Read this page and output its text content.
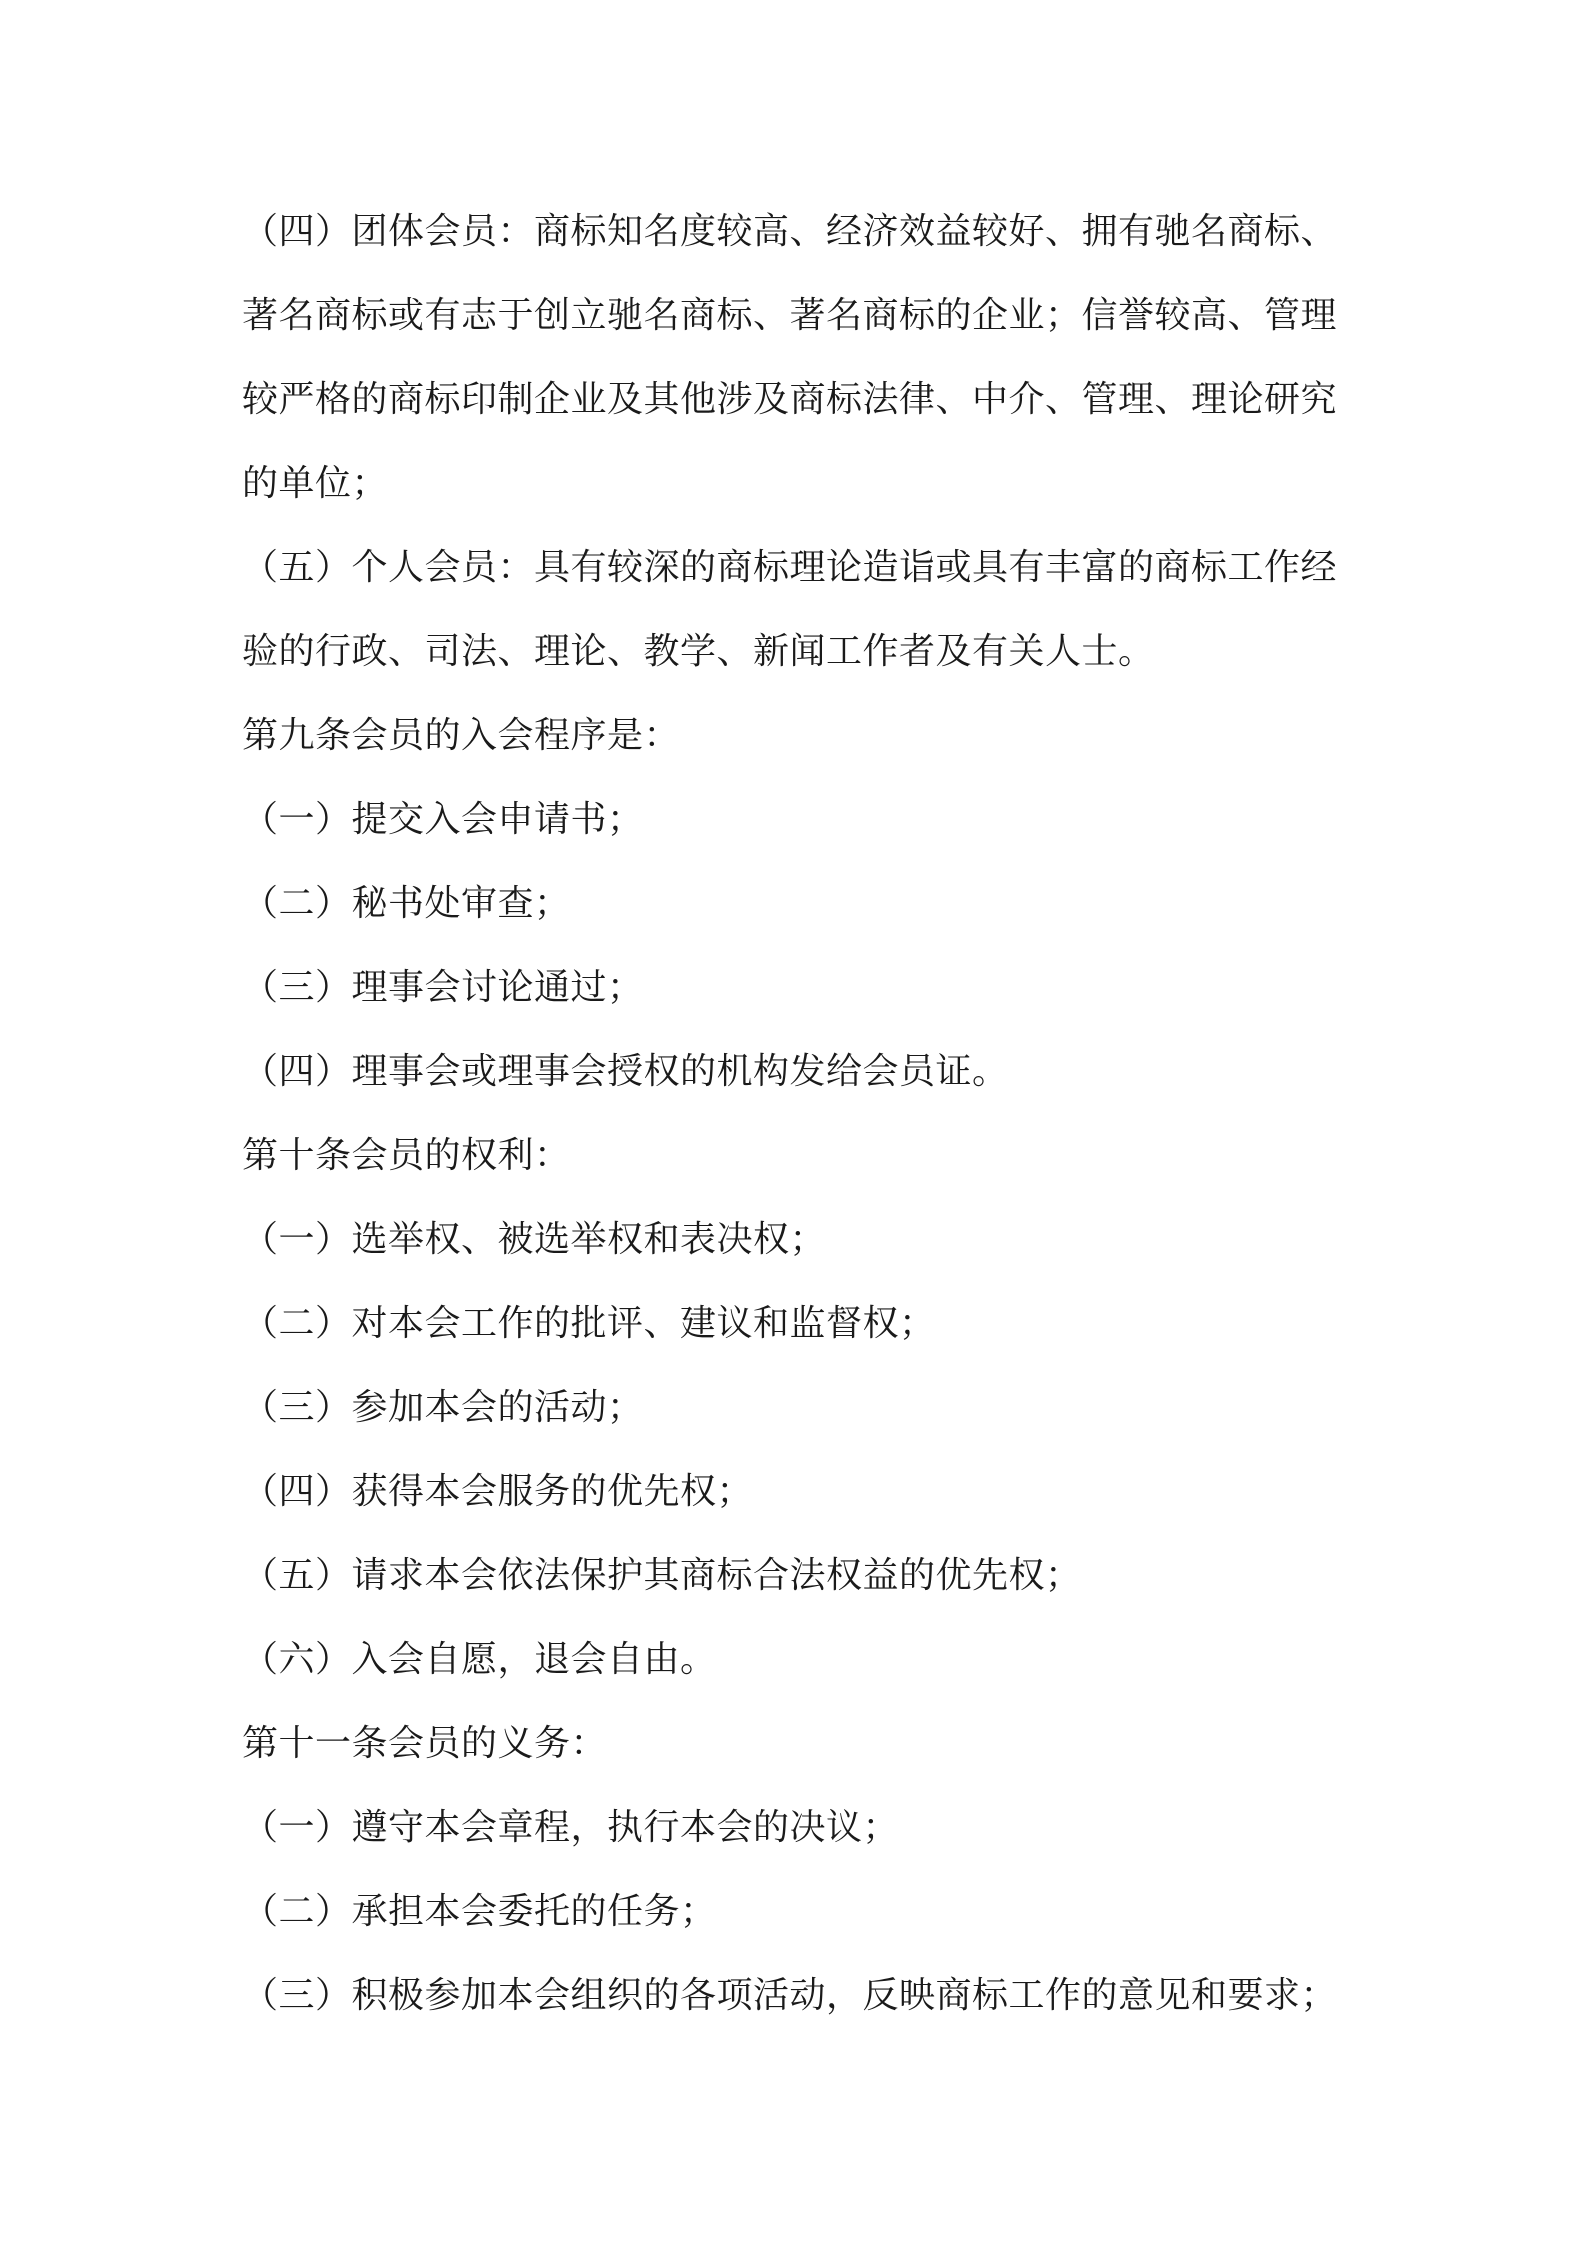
（四）团体会员：商标知名度较高、经济效益较好、拥有驰名商标、
著名商标或有志于创立驰名商标、著名商标的企业；信誉较高、管理
较严格的商标印制企业及其他涉及商标法律、中介、管理、理论研究
的单位；
（五）个人会员：具有较深的商标理论造诣或具有丰富的商标工作经
验的行政、司法、理论、教学、新闻工作者及有关人士。
第九条会员的入会程序是：
（一）提交入会申请书；
（二）秘书处审查；
（三）理事会讨论通过；
（四）理事会或理事会授权的机构发给会员证。
第十条会员的权利：
（一）选举权、被选举权和表决权；
（二）对本会工作的批评、建议和监督权；
（三）参加本会的活动；
（四）获得本会服务的优先权；
（五）请求本会依法保护其商标合法权益的优先权；
（六）入会自愿，退会自由。
第十一条会员的义务：
（一）遵守本会章程，执行本会的决议；
（二）承担本会委托的任务；
（三）积极参加本会组织的各项活动，反映商标工作的意见和要求；
